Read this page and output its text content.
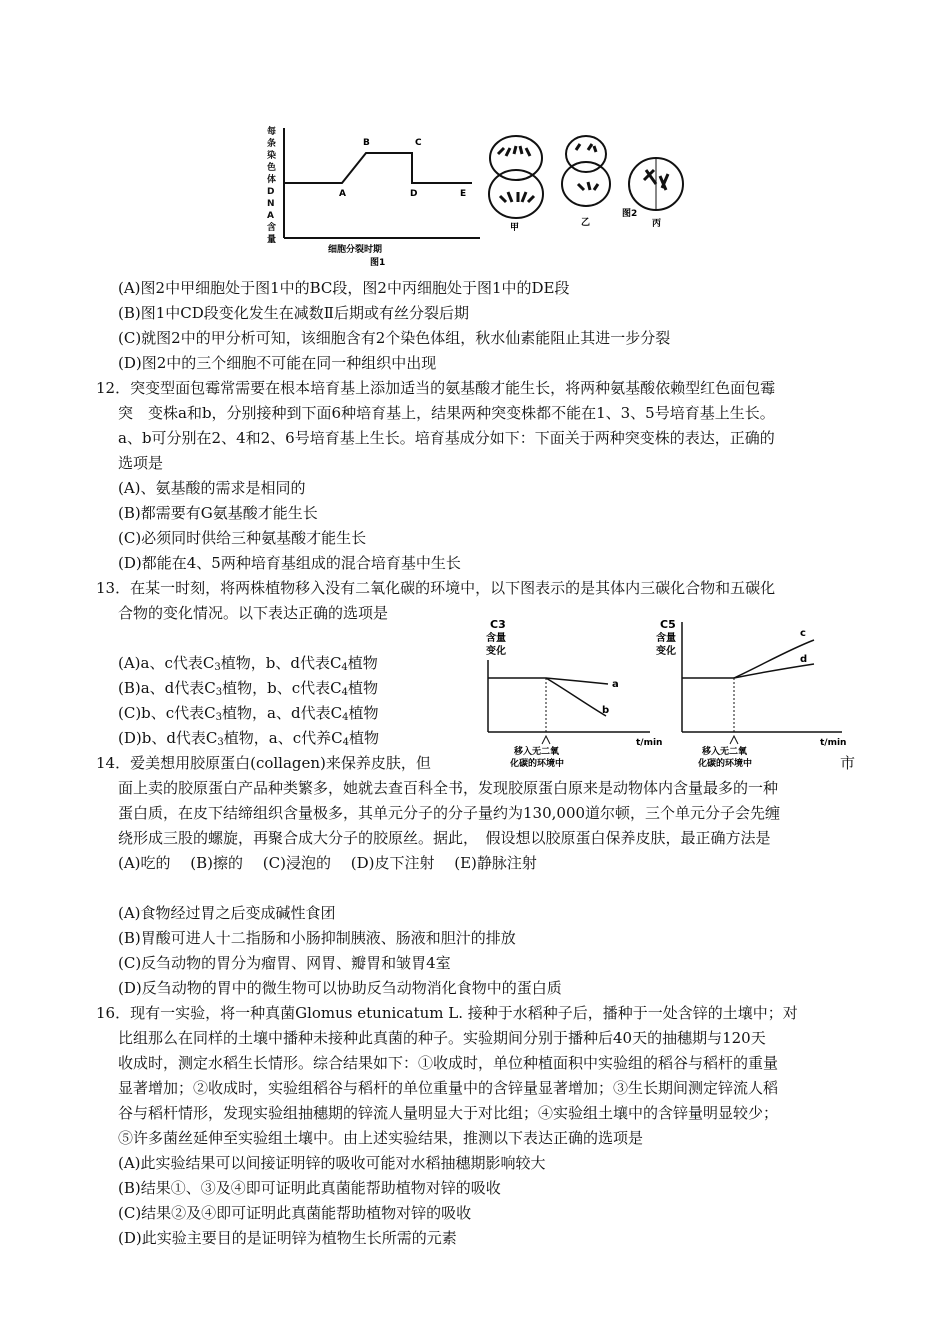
每
条
染
色
体
D
N
A
含
量
A
B	C
D	E
细胞分裂时期
图1
甲	乙
图2
丙
(A)图2中甲细胞处于图1中的BC段，图2中丙细胞处于图1中的DE段
(B)图1中CD段变化发生在减数Ⅱ后期或有丝分裂后期
(C)就图2中的甲分析可知，该细胞含有2个染色体组，秋水仙素能阻止其进一步分裂
(D)图2中的三个细胞不可能在同一种组织中出现
12．突变型面包霉常需要在根本培育基上添加适当的氨基酸才能生长，将两种氨基酸依赖型红色面包霉
突　变株a和b，分别接种到下面6种培育基上，结果两种突变株都不能在1、3、5号培育基上生长。
a、b可分别在2、4和2、6号培育基上生长。培育基成分如下：下面关于两种突变株的表达，正确的
选项是
(A)、氨基酸的需求是相同的
(B)都需要有G氨基酸才能生长
(C)必须同时供给三种氨基酸才能生长
(D)都能在4、5两种培育基组成的混合培育基中生长
13．在某一时刻，将两株植物移入没有二氧化碳的环境中，以下图表示的是其体内三碳化合物和五碳化
合物的变化情况。以下表达正确的选项是
(A)a、c代表$C_3$植物，b、d代表$C_4$植物
(B)a、d代表$C_3$植物，b、c代表$C_4$植物
(C)b、c代表$C_3$植物，a、d代表$C_4$植物
(D)b、d代表$C_3$植物，a、c代养$C_4$植物
C3
含量
变化
a
b
t/min
移入无二氧
化碳的环境中
C5
含量
变化
c
d
t/min
移入无二氧
化碳的环境中
14．爱美想用胶原蛋白(collagen)来保养皮肤，但	市
面上卖的胶原蛋白产品种类繁多，她就去查百科全书，发现胶原蛋白原来是动物体内含量最多的一种
蛋白质，在皮下结缔组织含量极多，其单元分子的分子量约为130,000道尔顿，三个单元分子会先缠
绕形成三股的螺旋，再聚合成大分子的胶原丝。据此，　假设想以胶原蛋白保养皮肤，最正确方法是
(A)吃的　 (B)擦的　 (C)浸泡的　 (D)皮下注射　 (E)静脉注射
(A)食物经过胃之后变成碱性食团
(B)胃酸可进人十二指肠和小肠抑制胰液、肠液和胆汁的排放
(C)反刍动物的胃分为瘤胃、网胃、瓣胃和皱胃4室
(D)反刍动物的胃中的微生物可以协助反刍动物消化食物中的蛋白质
16．现有一实验，将一种真菌Glomus etunicatum L. 接种于水稻种子后，播种于一处含锌的土壤中；对
比组那么在同样的土壤中播种未接种此真菌的种子。实验期间分别于播种后40天的抽穗期与120天
收成时，测定水稻生长情形。综合结果如下：①收成时，单位种植面积中实验组的稻谷与稻杆的重量
显著增加；②收成时，实验组稻谷与稻杆的单位重量中的含锌量显著增加；③生长期间测定锌流人稻
谷与稻杆情形，发现实验组抽穗期的锌流人量明显大于对比组；④实验组土壤中的含锌量明显较少；
⑤许多菌丝延伸至实验组土壤中。由上述实验结果，推测以下表达正确的选项是
(A)此实验结果可以间接证明锌的吸收可能对水稻抽穗期影响较大
(B)结果①、③及④即可证明此真菌能帮助植物对锌的吸收
(C)结果②及④即可证明此真菌能帮助植物对锌的吸收
(D)此实验主要目的是证明锌为植物生长所需的元素
